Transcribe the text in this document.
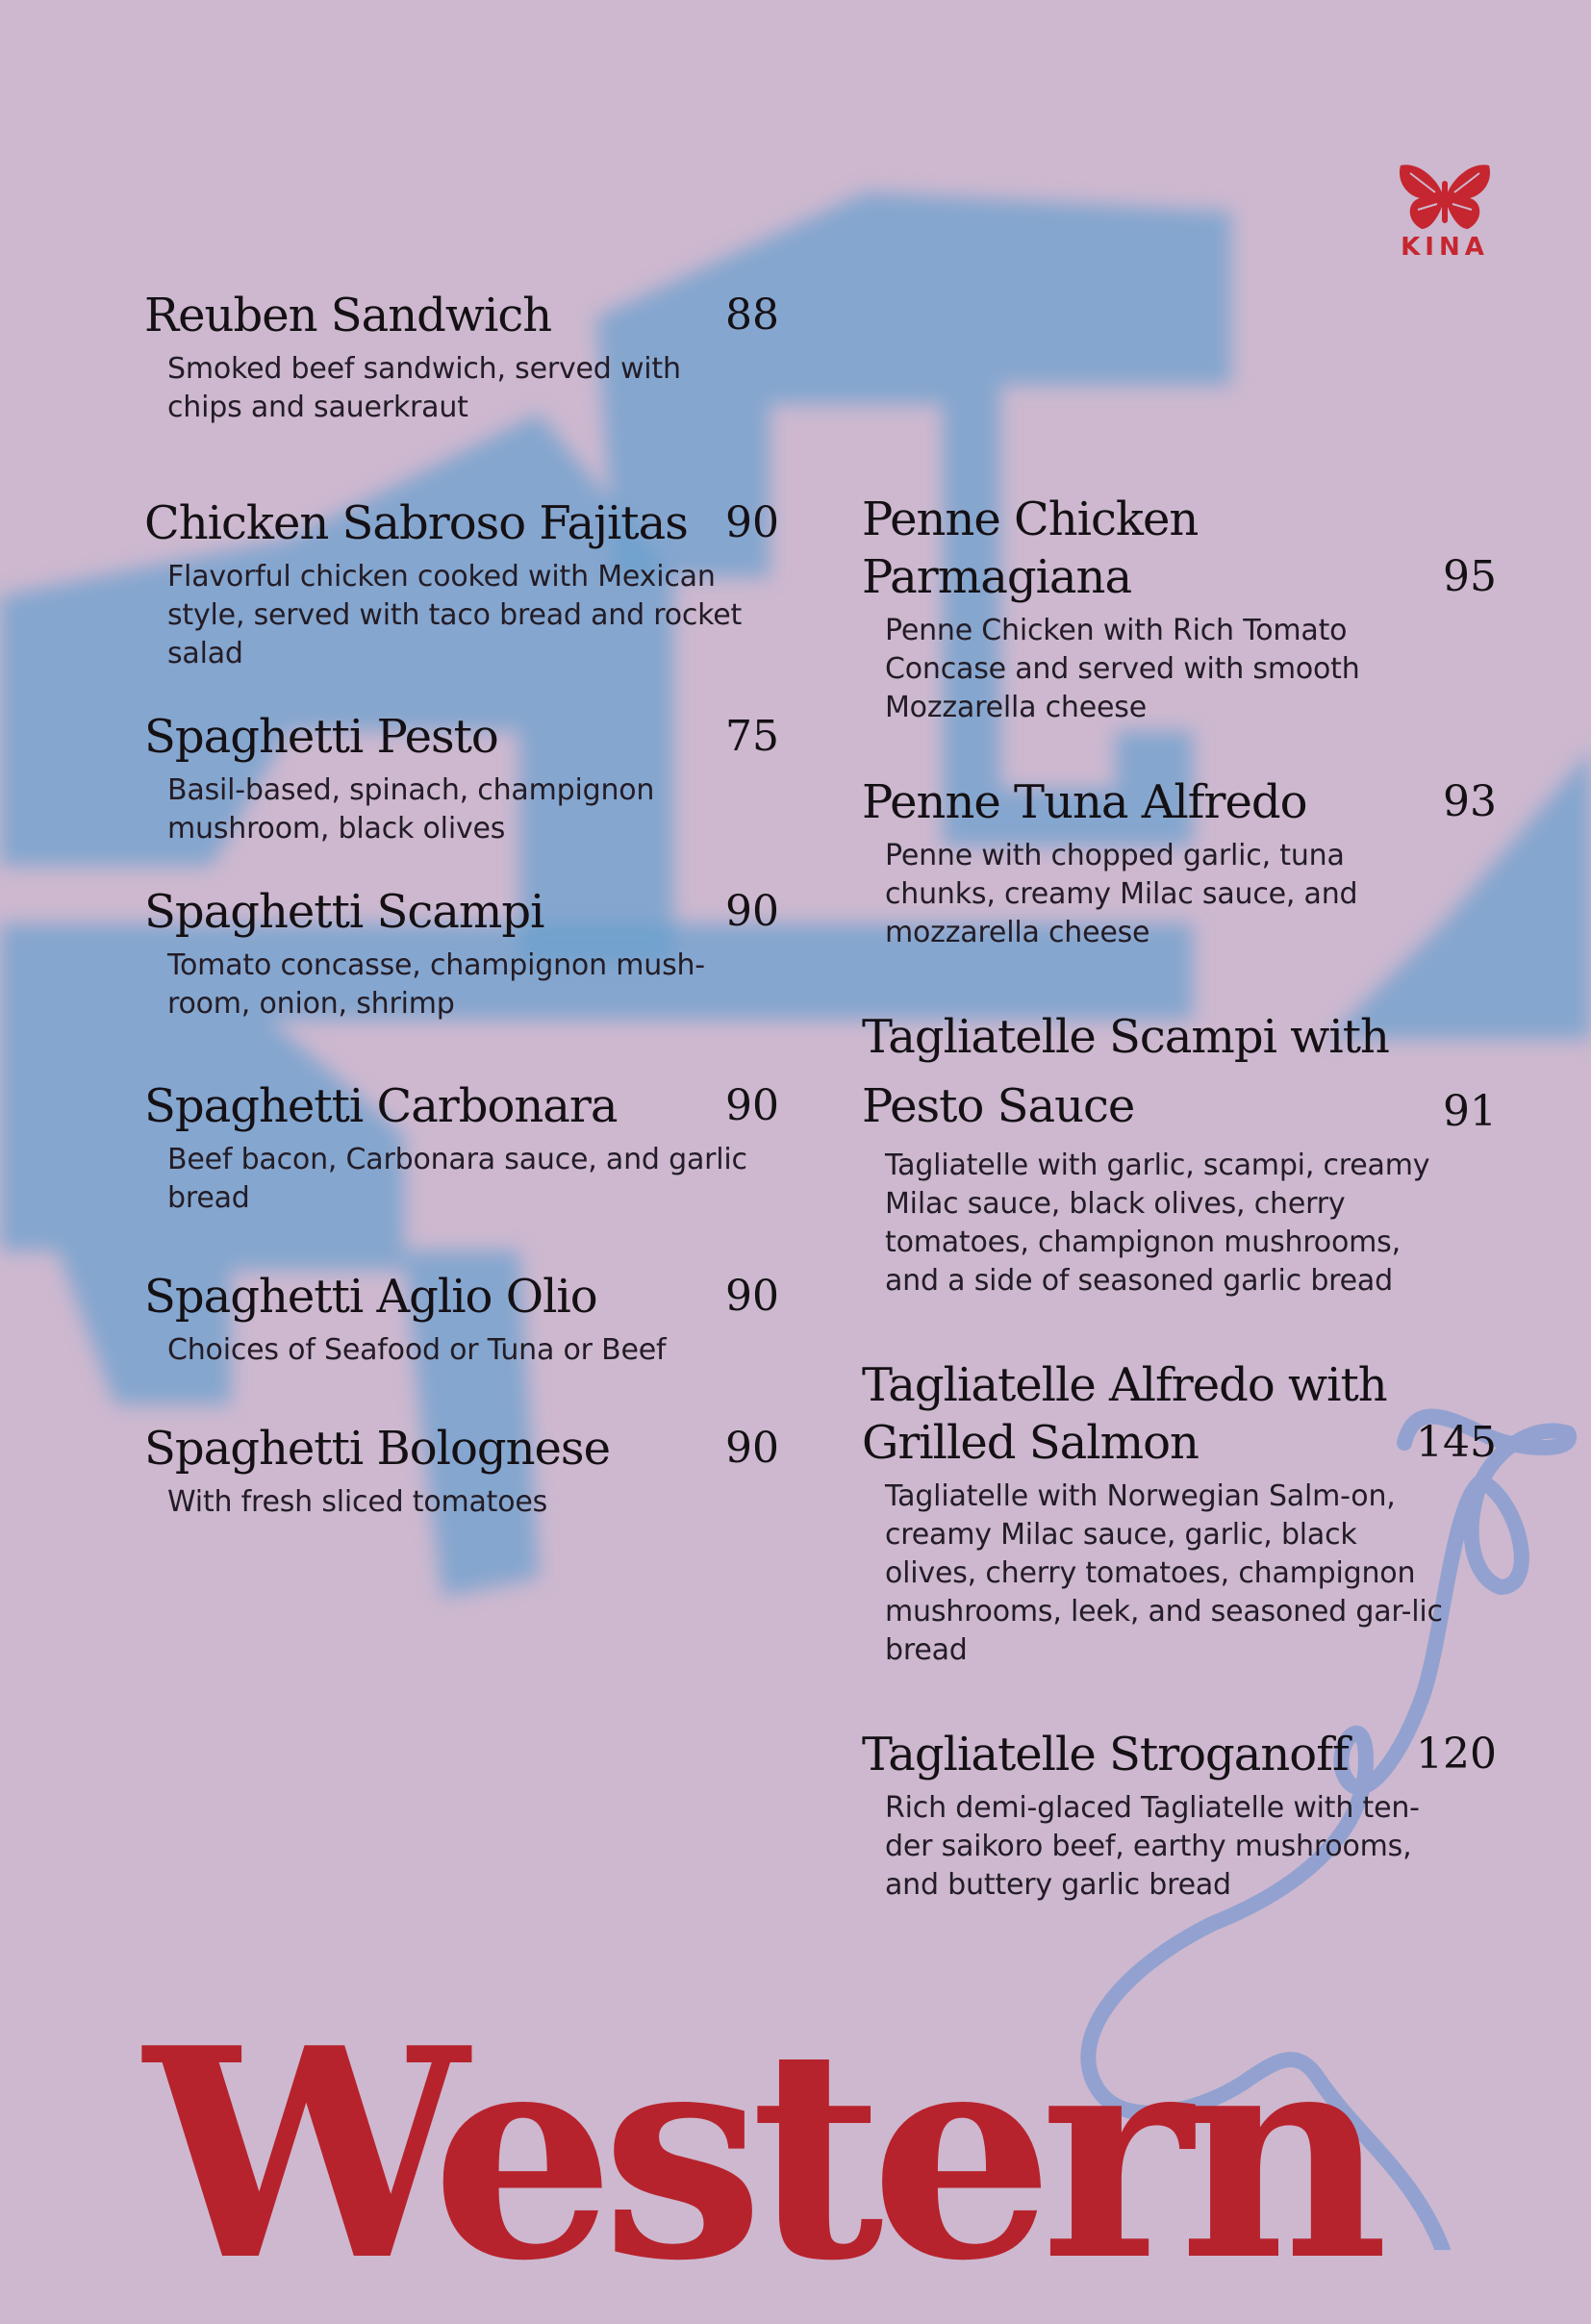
KINA
Reuben Sandwich	88
Smoked beef sandwich, served with chips and sauerkraut
Chicken Sabroso Fajitas 90
Flavorful chicken cooked with Mexican style, served with taco bread and rocket salad
Spaghetti Pesto	75
Basil-based, spinach, champignon mushroom, black olives
Spaghetti Scampi	90
Tomato concasse, champignon mush-room, onion, shrimp
Spaghetti Carbonara	90
Beef bacon, Carbonara sauce, and garlic bread
Spaghetti Aglio Olio	90
Choices of Seafood or Tuna or Beef
Spaghetti Bolognese	90
With fresh sliced tomatoes
Penne Chicken Parmagiana	95
Penne Chicken with Rich Tomato Concase and served with smooth Mozzarella cheese
Penne Tuna Alfredo	93
Penne with chopped garlic, tuna chunks, creamy Milac sauce, and mozzarella cheese
Tagliatelle Scampi with Pesto Sauce	91
Tagliatelle with garlic, scampi, creamy Milac sauce, black olives, cherry tomatoes, champignon mushrooms, and a side of seasoned garlic bread
Tagliatelle Alfredo with Grilled Salmon	145
Tagliatelle with Norwegian Salm-on, creamy Milac sauce, garlic, black olives, cherry tomatoes, champignon mushrooms, leek, and seasoned gar-lic bread
Tagliatelle Stroganoff	120
Rich demi-glaced Tagliatelle with ten-der saikoro beef, earthy mushrooms, and buttery garlic bread
Western
